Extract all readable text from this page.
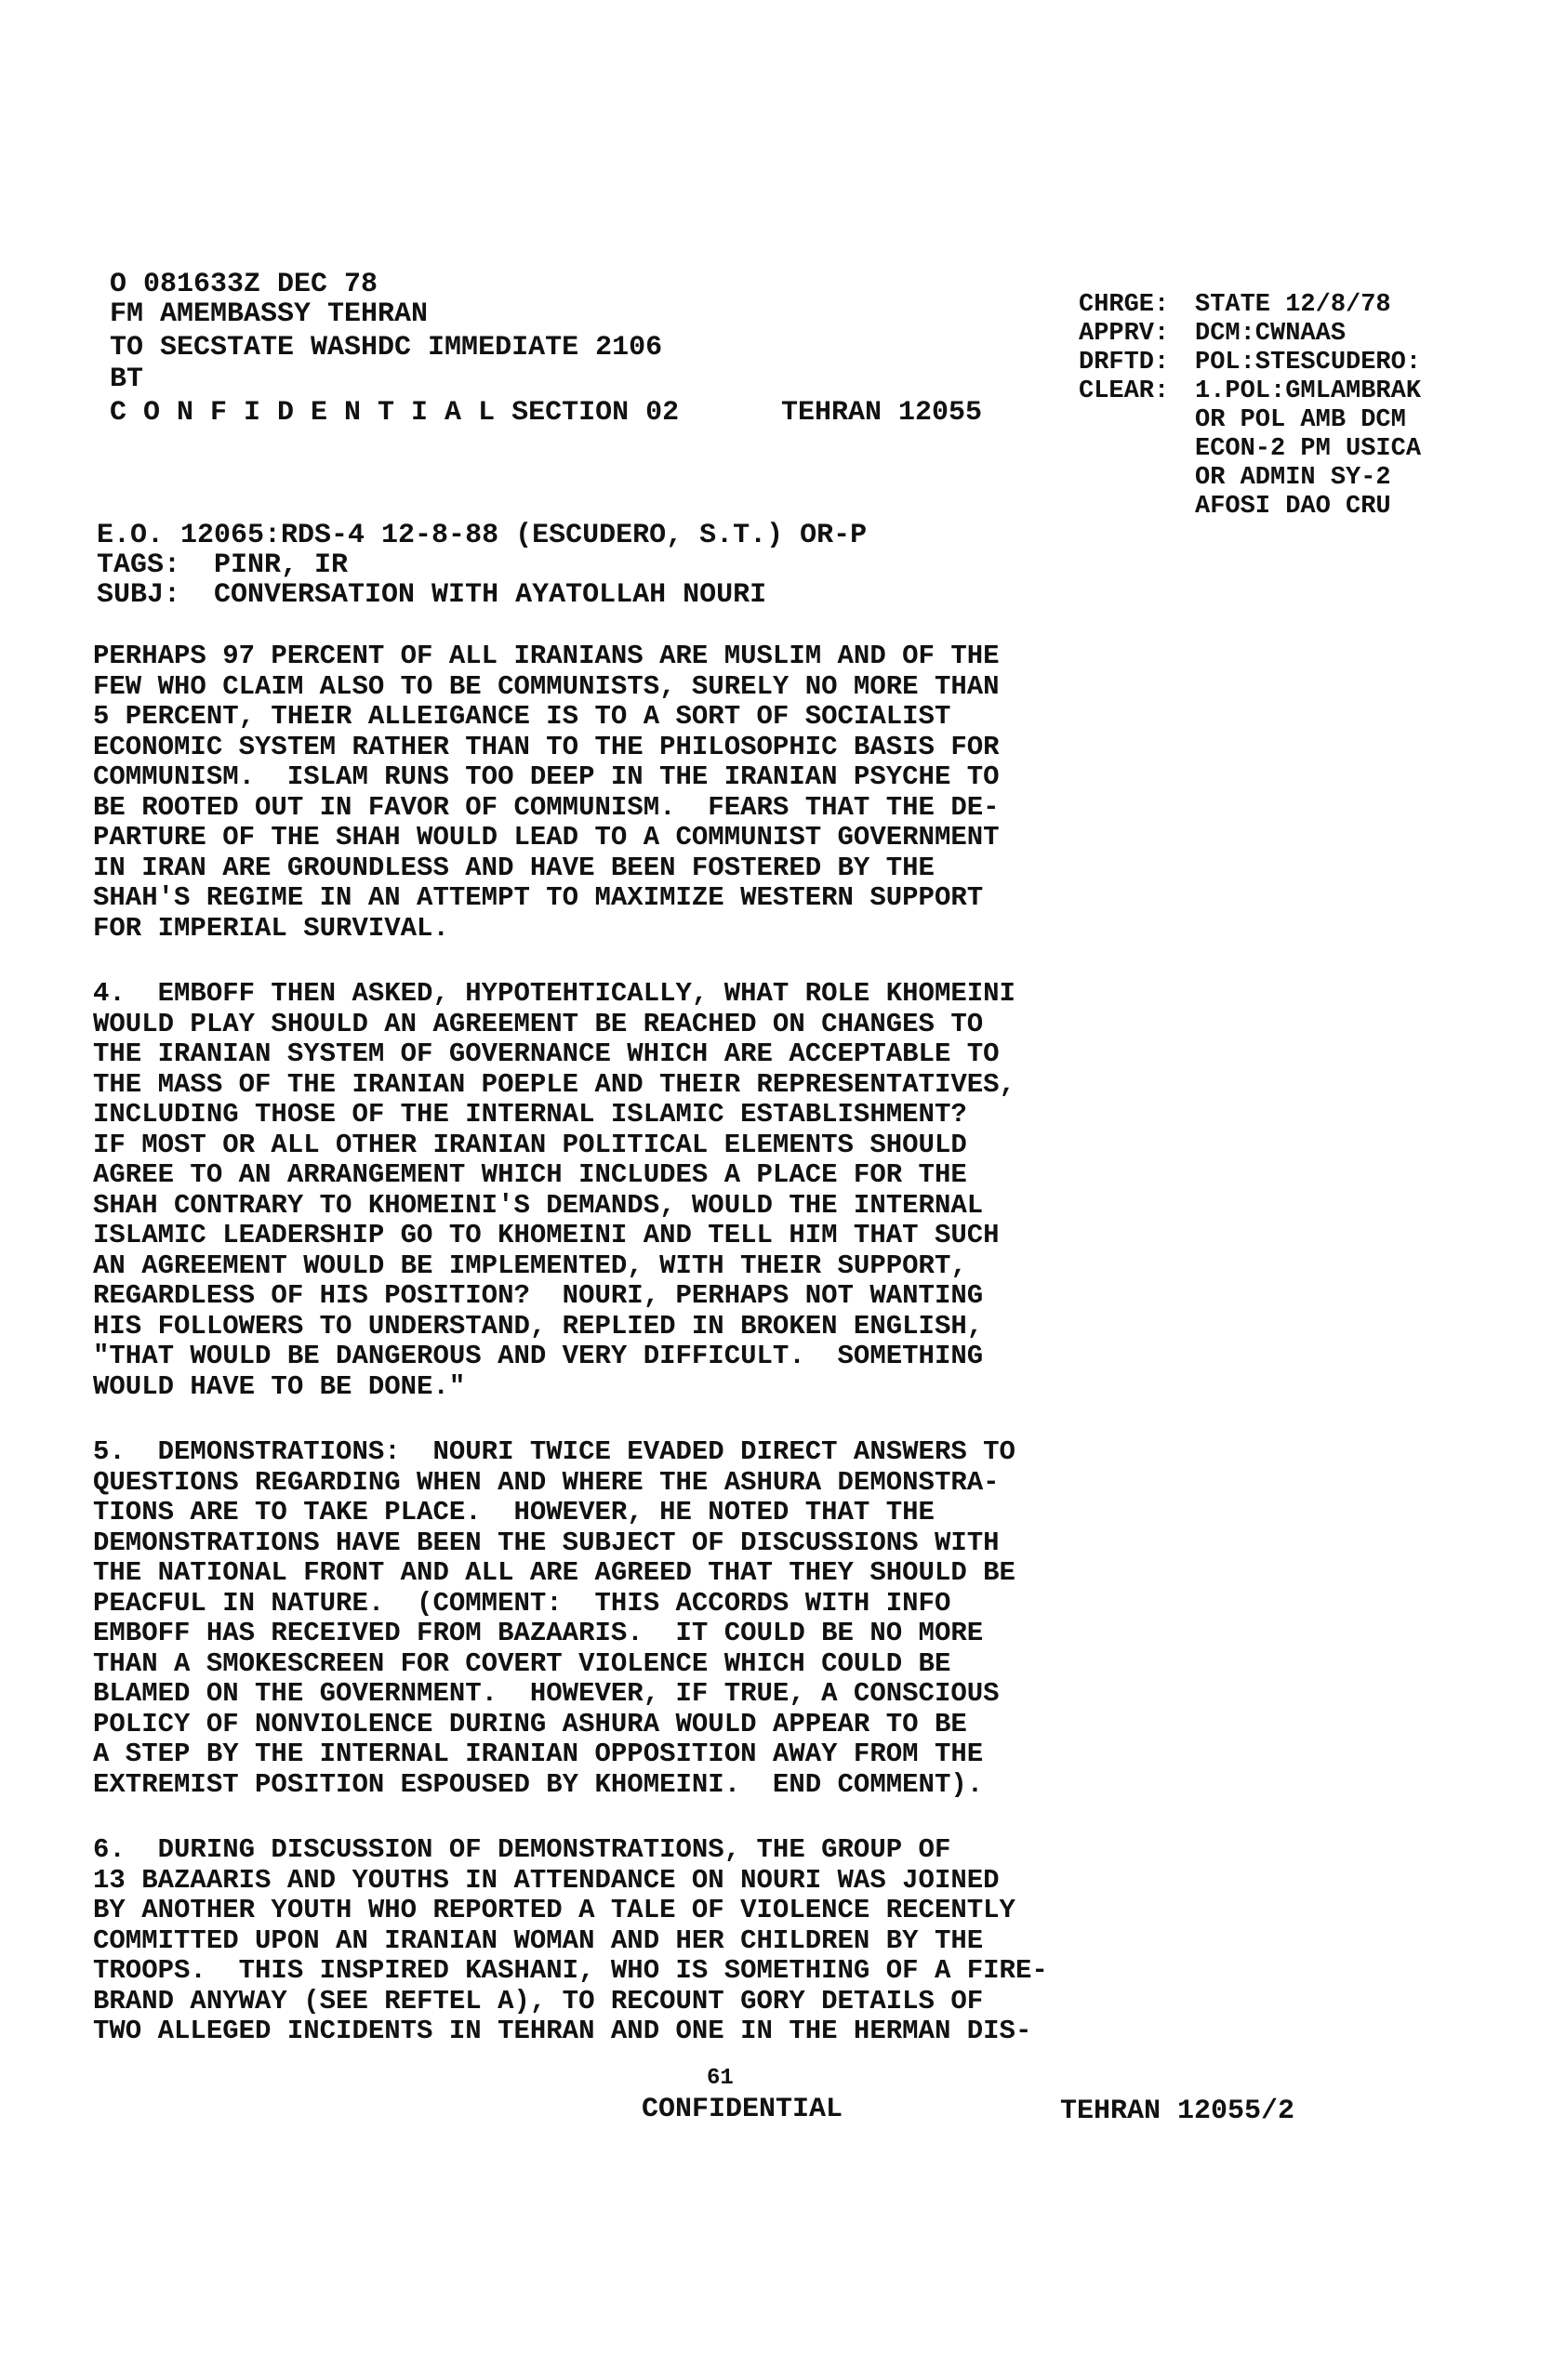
O 081633Z DEC 78
FM AMEMBASSY TEHRAN
TO SECSTATE WASHDC IMMEDIATE 2106
BT
C O N F I D E N T I A L SECTION 02	TEHRAN 12055
CHRGE: STATE 12/8/78
APPRV: DCM:CWNAAS
DRFTD: POL:STESCUDERO:
CLEAR: 1.POL:GMLAMBRAK
OR POL AMB DCM
ECON-2 PM USICA
OR ADMIN SY-2
AFOSI DAO CRU
E.O. 12065:RDS-4 12-8-88 (ESCUDERO, S.T.) OR-P
TAGS:  PINR, IR
SUBJ:  CONVERSATION WITH AYATOLLAH NOURI
PERHAPS 97 PERCENT OF ALL IRANIANS ARE MUSLIM AND OF THE
FEW WHO CLAIM ALSO TO BE COMMUNISTS, SURELY NO MORE THAN
5 PERCENT, THEIR ALLEIGANCE IS TO A SORT OF SOCIALIST
ECONOMIC SYSTEM RATHER THAN TO THE PHILOSOPHIC BASIS FOR
COMMUNISM.  ISLAM RUNS TOO DEEP IN THE IRANIAN PSYCHE TO
BE ROOTED OUT IN FAVOR OF COMMUNISM.  FEARS THAT THE DE-
PARTURE OF THE SHAH WOULD LEAD TO A COMMUNIST GOVERNMENT
IN IRAN ARE GROUNDLESS AND HAVE BEEN FOSTERED BY THE
SHAH'S REGIME IN AN ATTEMPT TO MAXIMIZE WESTERN SUPPORT
FOR IMPERIAL SURVIVAL.
4.  EMBOFF THEN ASKED, HYPOTEHTICALLY, WHAT ROLE KHOMEINI
WOULD PLAY SHOULD AN AGREEMENT BE REACHED ON CHANGES TO
THE IRANIAN SYSTEM OF GOVERNANCE WHICH ARE ACCEPTABLE TO
THE MASS OF THE IRANIAN POEPLE AND THEIR REPRESENTATIVES,
INCLUDING THOSE OF THE INTERNAL ISLAMIC ESTABLISHMENT?
IF MOST OR ALL OTHER IRANIAN POLITICAL ELEMENTS SHOULD
AGREE TO AN ARRANGEMENT WHICH INCLUDES A PLACE FOR THE
SHAH CONTRARY TO KHOMEINI'S DEMANDS, WOULD THE INTERNAL
ISLAMIC LEADERSHIP GO TO KHOMEINI AND TELL HIM THAT SUCH
AN AGREEMENT WOULD BE IMPLEMENTED, WITH THEIR SUPPORT,
REGARDLESS OF HIS POSITION?  NOURI, PERHAPS NOT WANTING
HIS FOLLOWERS TO UNDERSTAND, REPLIED IN BROKEN ENGLISH,
"THAT WOULD BE DANGEROUS AND VERY DIFFICULT.  SOMETHING
WOULD HAVE TO BE DONE."
5.  DEMONSTRATIONS:  NOURI TWICE EVADED DIRECT ANSWERS TO
QUESTIONS REGARDING WHEN AND WHERE THE ASHURA DEMONSTRA-
TIONS ARE TO TAKE PLACE.  HOWEVER, HE NOTED THAT THE
DEMONSTRATIONS HAVE BEEN THE SUBJECT OF DISCUSSIONS WITH
THE NATIONAL FRONT AND ALL ARE AGREED THAT THEY SHOULD BE
PEACFUL IN NATURE.  (COMMENT:  THIS ACCORDS WITH INFO
EMBOFF HAS RECEIVED FROM BAZAARIS.  IT COULD BE NO MORE
THAN A SMOKESCREEN FOR COVERT VIOLENCE WHICH COULD BE
BLAMED ON THE GOVERNMENT.  HOWEVER, IF TRUE, A CONSCIOUS
POLICY OF NONVIOLENCE DURING ASHURA WOULD APPEAR TO BE
A STEP BY THE INTERNAL IRANIAN OPPOSITION AWAY FROM THE
EXTREMIST POSITION ESPOUSED BY KHOMEINI.  END COMMENT).
6.  DURING DISCUSSION OF DEMONSTRATIONS, THE GROUP OF
13 BAZAARIS AND YOUTHS IN ATTENDANCE ON NOURI WAS JOINED
BY ANOTHER YOUTH WHO REPORTED A TALE OF VIOLENCE RECENTLY
COMMITTED UPON AN IRANIAN WOMAN AND HER CHILDREN BY THE
TROOPS.  THIS INSPIRED KASHANI, WHO IS SOMETHING OF A FIRE-
BRAND ANYWAY (SEE REFTEL A), TO RECOUNT GORY DETAILS OF
TWO ALLEGED INCIDENTS IN TEHRAN AND ONE IN THE HERMAN DIS-
61
CONFIDENTIAL	TEHRAN 12055/2
